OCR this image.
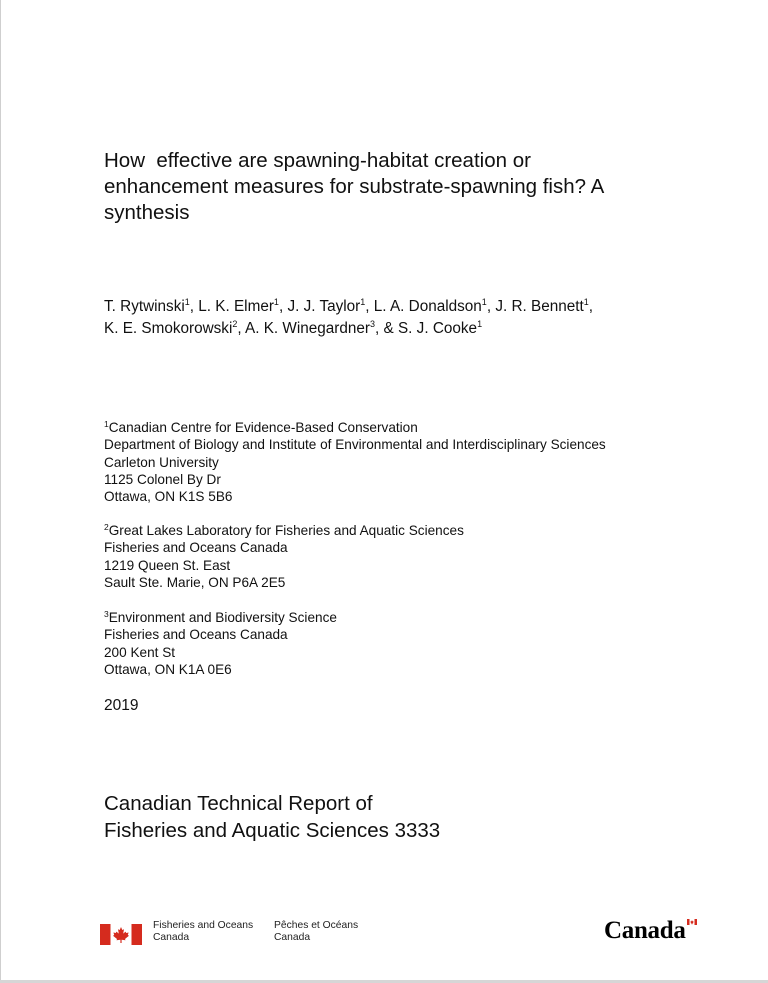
How  effective are spawning-habitat creation or
enhancement measures for substrate-spawning fish? A
synthesis
T. Rytwinski$^1$, L. K. Elmer$^1$, J. J. Taylor$^1$, L. A. Donaldson$^1$, J. R. Bennett$^1$,
K. E. Smokorowski$^2$, A. K. Winegardner$^3$, & S. J. Cooke$^1$
$^1$Canadian Centre for Evidence-Based Conservation
Department of Biology and Institute of Environmental and Interdisciplinary Sciences
Carleton University
1125 Colonel By Dr
Ottawa, ON K1S 5B6
$^2$Great Lakes Laboratory for Fisheries and Aquatic Sciences
Fisheries and Oceans Canada
1219 Queen St. East
Sault Ste. Marie, ON P6A 2E5
$^3$Environment and Biodiversity Science
Fisheries and Oceans Canada
200 Kent St
Ottawa, ON K1A 0E6
2019
Canadian Technical Report of
Fisheries and Aquatic Sciences 3333
Fisheries and Oceans
Canada
Pêches et Océans
Canada	Canada
